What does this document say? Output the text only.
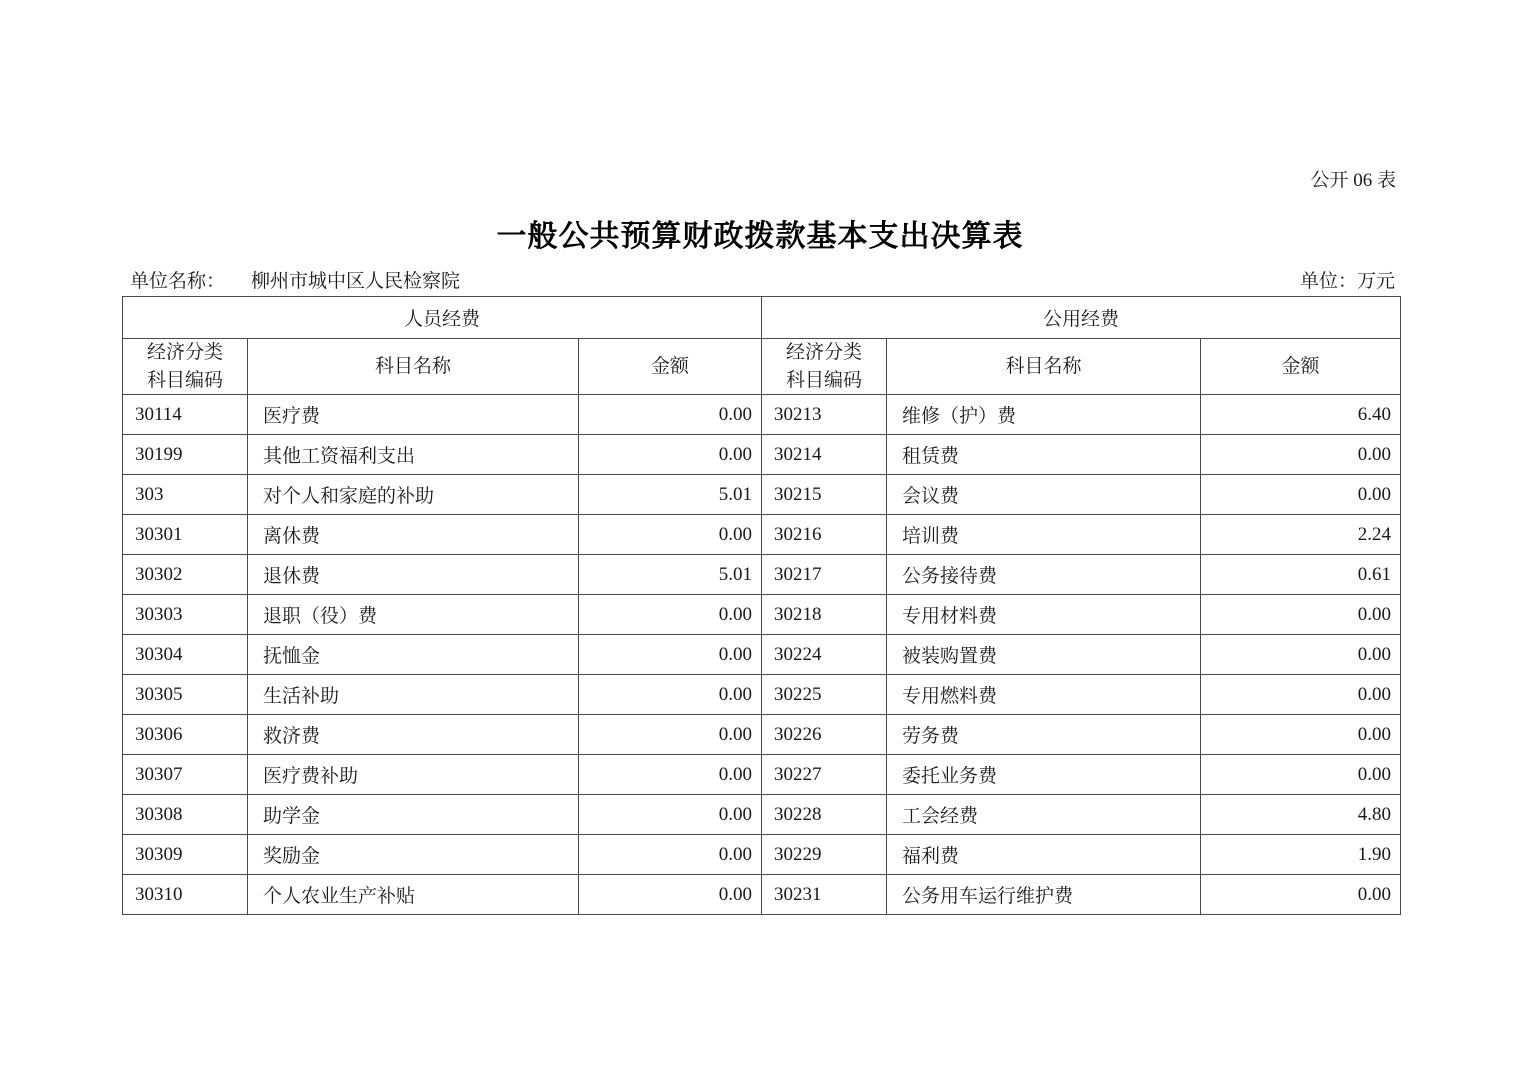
公开 06 表
一般公共预算财政拨款基本支出决算表
单位名称： 柳州市城中区人民检察院	单位：万元
人员经费			公用经费		

经济分类
科目编码
	科目名称	金额	
经济分类
科目编码
	科目名称	金额
30114	医疗费	0.00	30213	维修（护）费	6.40
30199	其他工资福利支出	0.00	30214	租赁费	0.00
303	对个人和家庭的补助	5.01	30215	会议费	0.00
30301	离休费	0.00	30216	培训费	2.24
30302	退休费	5.01	30217	公务接待费	0.61
30303	退职（役）费	0.00	30218	专用材料费	0.00
30304	抚恤金	0.00	30224	被装购置费	0.00
30305	生活补助	0.00	30225	专用燃料费	0.00
30306	救济费	0.00	30226	劳务费	0.00
30307	医疗费补助	0.00	30227	委托业务费	0.00
30308	助学金	0.00	30228	工会经费	4.80
30309	奖励金	0.00	30229	福利费	1.90
30310	个人农业生产补贴	0.00	30231	公务用车运行维护费	0.00
